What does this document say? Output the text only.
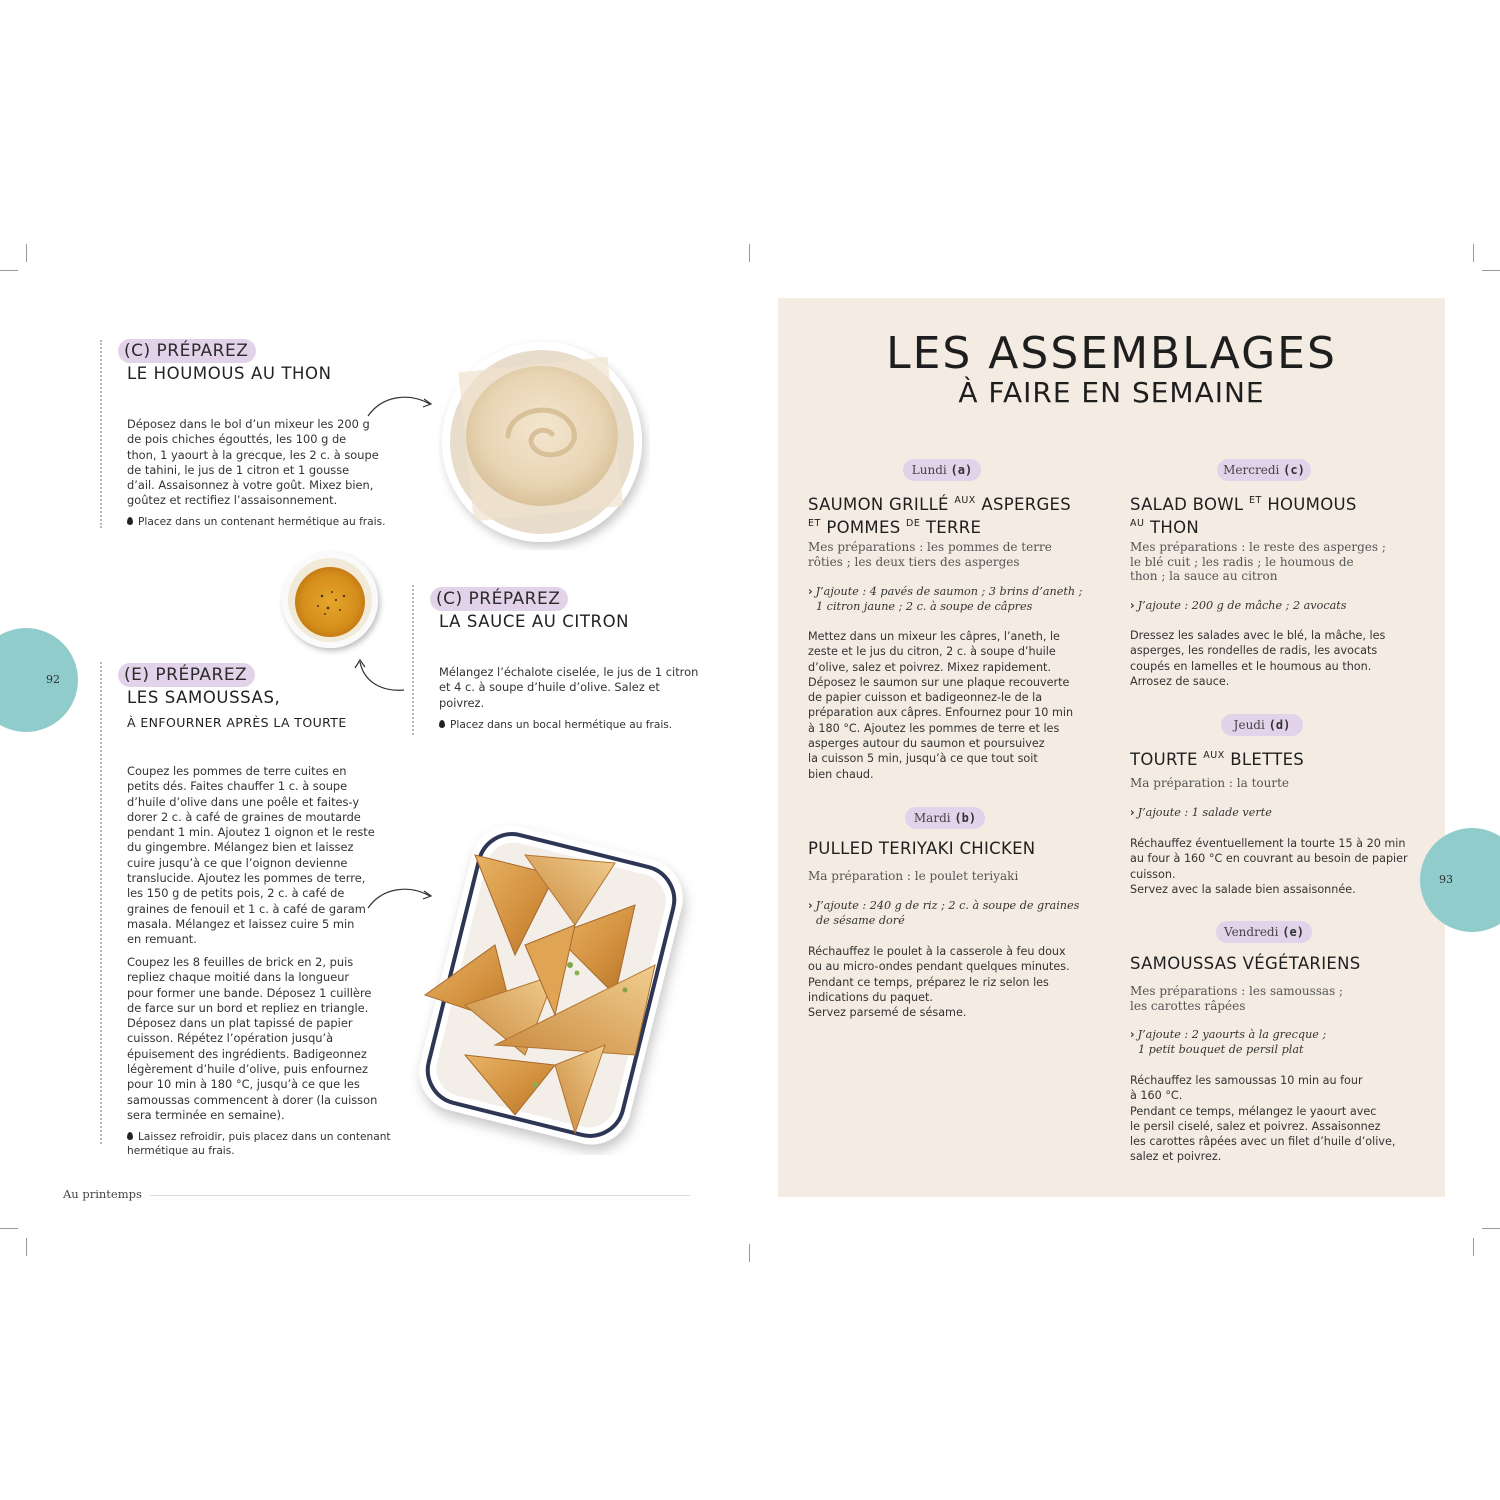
92
(C) PRÉPAREZ
LE HOUMOUS AU THON
Déposez dans le bol d’un mixeur les 200 g
de pois chiches égouttés, les 100 g de
thon, 1 yaourt à la grecque, les 2 c. à soupe
de tahini, le jus de 1 citron et 1 gousse
d’ail. Assaisonnez à votre goût. Mixez bien,
goûtez et rectifiez l’assaisonnement.
Placez dans un contenant hermétique au frais.
(C) PRÉPAREZ
LA SAUCE AU CITRON
Mélangez l’échalote ciselée, le jus de 1 citron
et 4 c. à soupe d’huile d’olive. Salez et
poivrez.
Placez dans un bocal hermétique au frais.
(E) PRÉPAREZ
LES SAMOUSSAS,
À ENFOURNER APRÈS LA TOURTE
Coupez les pommes de terre cuites en
petits dés. Faites chauffer 1 c. à soupe
d’huile d’olive dans une poêle et faites-y
dorer 2 c. à café de graines de moutarde
pendant 1 min. Ajoutez 1 oignon et le reste
du gingembre. Mélangez bien et laissez
cuire jusqu’à ce que l’oignon devienne
translucide. Ajoutez les pommes de terre,
les 150 g de petits pois, 2 c. à café de
graines de fenouil et 1 c. à café de garam
masala. Mélangez et laissez cuire 5 min
en remuant.
Coupez les 8 feuilles de brick en 2, puis
repliez chaque moitié dans la longueur
pour former une bande. Déposez 1 cuillère
de farce sur un bord et repliez en triangle.
Déposez dans un plat tapissé de papier
cuisson. Répétez l’opération jusqu’à
épuisement des ingrédients. Badigeonnez
légèrement d’huile d’olive, puis enfournez
pour 10 min à 180 °C, jusqu’à ce que les
samoussas commencent à dorer (la cuisson
sera terminée en semaine).
Laissez refroidir, puis placez dans un contenant
hermétique au frais.
Au printemps
LES ASSEMBLAGES
À FAIRE EN SEMAINE
Lundi (a)
SAUMON GRILLÉ $^{AUX}$ ASPERGES
$^{ET}$ POMMES $^{DE}$ TERRE
Mes préparations : les pommes de terre
rôties ; les deux tiers des asperges
› J’ajoute : 4 pavés de saumon ; 3 brins d’aneth ;
1 citron jaune ; 2 c. à soupe de câpres
Mettez dans un mixeur les câpres, l’aneth, le
zeste et le jus du citron, 2 c. à soupe d’huile
d’olive, salez et poivrez. Mixez rapidement.
Déposez le saumon sur une plaque recouverte
de papier cuisson et badigeonnez-le de la
préparation aux câpres. Enfournez pour 10 min
à 180 °C. Ajoutez les pommes de terre et les
asperges autour du saumon et poursuivez
la cuisson 5 min, jusqu’à ce que tout soit
bien chaud.
Mardi (b)
PULLED TERIYAKI CHICKEN
Ma préparation : le poulet teriyaki
› J’ajoute : 240 g de riz ; 2 c. à soupe de graines
de sésame doré
Réchauffez le poulet à la casserole à feu doux
ou au micro-ondes pendant quelques minutes.
Pendant ce temps, préparez le riz selon les
indications du paquet.
Servez parsemé de sésame.
Mercredi (c)
SALAD BOWL $^{ET}$ HOUMOUS
$^{AU}$ THON
Mes préparations : le reste des asperges ;
le blé cuit ; les radis ; le houmous de
thon ; la sauce au citron
› J’ajoute : 200 g de mâche ; 2 avocats
Dressez les salades avec le blé, la mâche, les
asperges, les rondelles de radis, les avocats
coupés en lamelles et le houmous au thon.
Arrosez de sauce.
Jeudi (d)
TOURTE $^{AUX}$ BLETTES
Ma préparation : la tourte
› J’ajoute : 1 salade verte
Réchauffez éventuellement la tourte 15 à 20 min
au four à 160 °C en couvrant au besoin de papier
cuisson.
Servez avec la salade bien assaisonnée.
Vendredi (e)
SAMOUSSAS VÉGÉTARIENS
Mes préparations : les samoussas ;
les carottes râpées
› J’ajoute : 2 yaourts à la grecque ;
1 petit bouquet de persil plat
Réchauffez les samoussas 10 min au four
à 160 °C.
Pendant ce temps, mélangez le yaourt avec
le persil ciselé, salez et poivrez. Assaisonnez
les carottes râpées avec un filet d’huile d’olive,
salez et poivrez.
93
